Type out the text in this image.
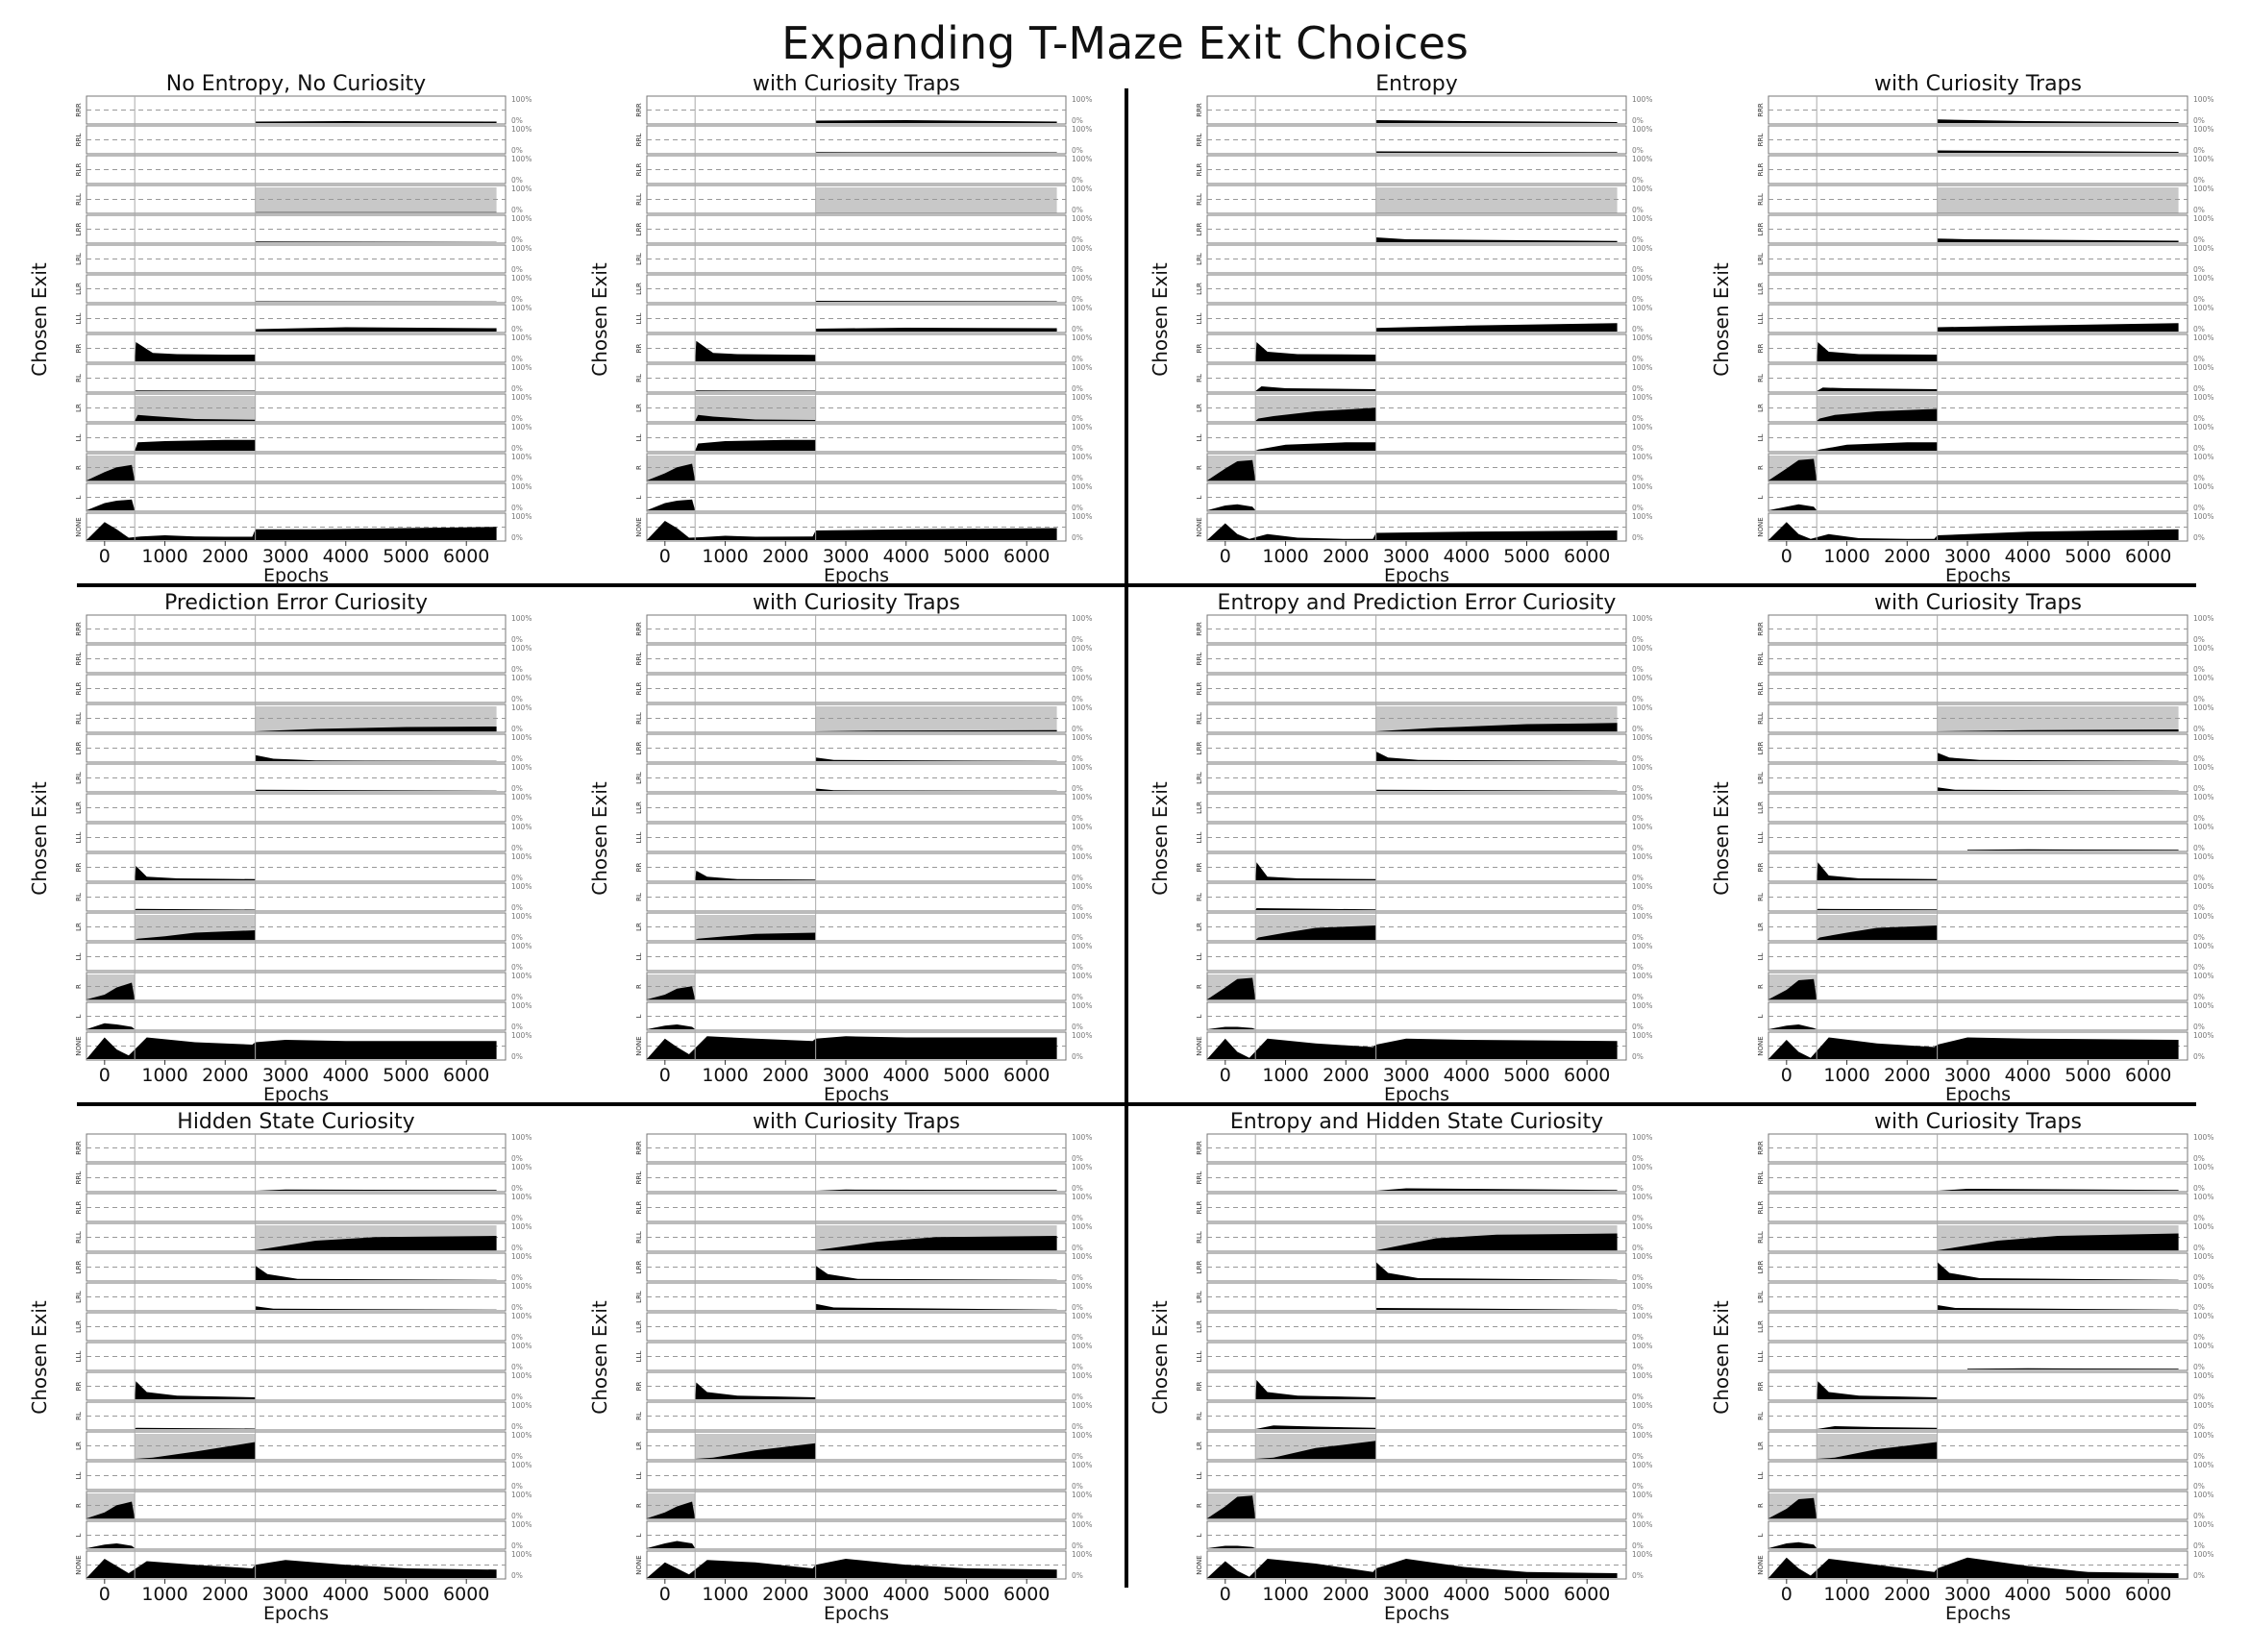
Expanding T-Maze Exit Choices
No Entropy, No Curiosity
Chosen Exit
RRR
100%
0%
RRL
100%
0%
RLR
100%
0%
RLL
100%
0%
LRR
100%
0%
LRL
100%
0%
LLR
100%
0%
LLL
100%
0%
RR
100%
0%
RL
100%
0%
LR
100%
0%
LL
100%
0%
R
100%
0%
L
100%
0%
NONE
100%
0%
0 1000 2000 3000 4000 5000 6000
Epochs
with Curiosity Traps
Chosen Exit
RRR
100%
0%
RRL
100%
0%
RLR
100%
0%
RLL
100%
0%
LRR
100%
0%
LRL
100%
0%
LLR
100%
0%
LLL
100%
0%
RR
100%
0%
RL
100%
0%
LR
100%
0%
LL
100%
0%
R
100%
0%
L
100%
0%
NONE
100%
0%
0 1000 2000 3000 4000 5000 6000
Epochs
Entropy
Chosen Exit
RRR
100%
0%
RRL
100%
0%
RLR
100%
0%
RLL
100%
0%
LRR
100%
0%
LRL
100%
0%
LLR
100%
0%
LLL
100%
0%
RR
100%
0%
RL
100%
0%
LR
100%
0%
LL
100%
0%
R
100%
0%
L
100%
0%
NONE
100%
0%
0 1000 2000 3000 4000 5000 6000
Epochs
with Curiosity Traps
Chosen Exit
RRR
100%
0%
RRL
100%
0%
RLR
100%
0%
RLL
100%
0%
LRR
100%
0%
LRL
100%
0%
LLR
100%
0%
LLL
100%
0%
RR
100%
0%
RL
100%
0%
LR
100%
0%
LL
100%
0%
R
100%
0%
L
100%
0%
NONE
100%
0%
0 1000 2000 3000 4000 5000 6000
Epochs
Prediction Error Curiosity
Chosen Exit
RRR
100%
0%
RRL
100%
0%
RLR
100%
0%
RLL
100%
0%
LRR
100%
0%
LRL
100%
0%
LLR
100%
0%
LLL
100%
0%
RR
100%
0%
RL
100%
0%
LR
100%
0%
LL
100%
0%
R
100%
0%
L
100%
0%
NONE
100%
0%
0 1000 2000 3000 4000 5000 6000
Epochs
with Curiosity Traps
Chosen Exit
RRR
100%
0%
RRL
100%
0%
RLR
100%
0%
RLL
100%
0%
LRR
100%
0%
LRL
100%
0%
LLR
100%
0%
LLL
100%
0%
RR
100%
0%
RL
100%
0%
LR
100%
0%
LL
100%
0%
R
100%
0%
L
100%
0%
NONE
100%
0%
0 1000 2000 3000 4000 5000 6000
Epochs
Entropy and Prediction Error Curiosity
Chosen Exit
RRR
100%
0%
RRL
100%
0%
RLR
100%
0%
RLL
100%
0%
LRR
100%
0%
LRL
100%
0%
LLR
100%
0%
LLL
100%
0%
RR
100%
0%
RL
100%
0%
LR
100%
0%
LL
100%
0%
R
100%
0%
L
100%
0%
NONE
100%
0%
0 1000 2000 3000 4000 5000 6000
Epochs
with Curiosity Traps
Chosen Exit
RRR
100%
0%
RRL
100%
0%
RLR
100%
0%
RLL
100%
0%
LRR
100%
0%
LRL
100%
0%
LLR
100%
0%
LLL
100%
0%
RR
100%
0%
RL
100%
0%
LR
100%
0%
LL
100%
0%
R
100%
0%
L
100%
0%
NONE
100%
0%
0 1000 2000 3000 4000 5000 6000
Epochs
Hidden State Curiosity
Chosen Exit
RRR
100%
0%
RRL
100%
0%
RLR
100%
0%
RLL
100%
0%
LRR
100%
0%
LRL
100%
0%
LLR
100%
0%
LLL
100%
0%
RR
100%
0%
RL
100%
0%
LR
100%
0%
LL
100%
0%
R
100%
0%
L
100%
0%
NONE
100%
0%
0 1000 2000 3000 4000 5000 6000
Epochs
with Curiosity Traps
Chosen Exit
RRR
100%
0%
RRL
100%
0%
RLR
100%
0%
RLL
100%
0%
LRR
100%
0%
LRL
100%
0%
LLR
100%
0%
LLL
100%
0%
RR
100%
0%
RL
100%
0%
LR
100%
0%
LL
100%
0%
R
100%
0%
L
100%
0%
NONE
100%
0%
0 1000 2000 3000 4000 5000 6000
Epochs
Entropy and Hidden State Curiosity
Chosen Exit
RRR
100%
0%
RRL
100%
0%
RLR
100%
0%
RLL
100%
0%
LRR
100%
0%
LRL
100%
0%
LLR
100%
0%
LLL
100%
0%
RR
100%
0%
RL
100%
0%
LR
100%
0%
LL
100%
0%
R
100%
0%
L
100%
0%
NONE
100%
0%
0 1000 2000 3000 4000 5000 6000
Epochs
with Curiosity Traps
Chosen Exit
RRR
100%
0%
RRL
100%
0%
RLR
100%
0%
RLL
100%
0%
LRR
100%
0%
LRL
100%
0%
LLR
100%
0%
LLL
100%
0%
RR
100%
0%
RL
100%
0%
LR
100%
0%
LL
100%
0%
R
100%
0%
L
100%
0%
NONE
100%
0%
0 1000 2000 3000 4000 5000 6000
Epochs
